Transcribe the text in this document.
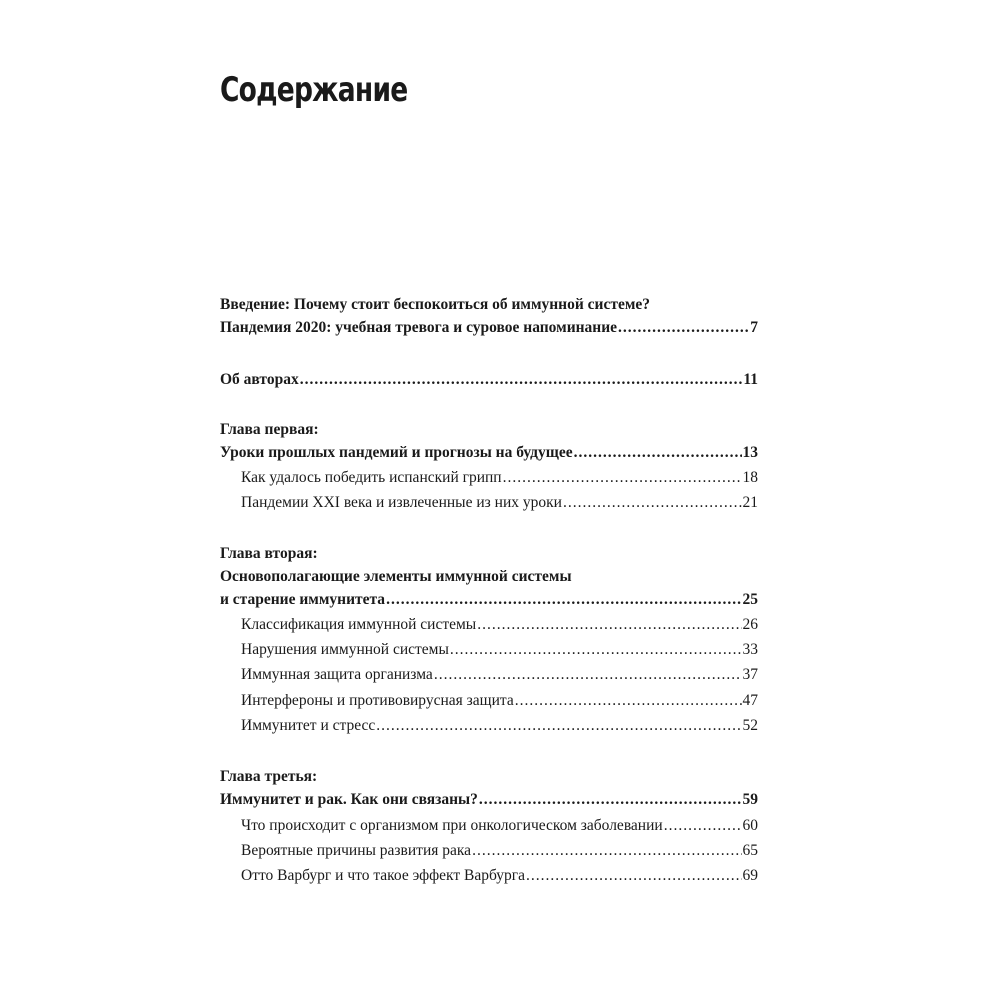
Содержание
Введение: Почему стоит беспокоиться об иммунной системе?
Пандемия 2020: учебная тревога и суровое напоминание .....	7
Об авторах .....	11
Глава первая:
Уроки прошлых пандемий и прогнозы на будущее .....	13
Как удалось победить испанский грипп .....	18
Пандемии XXI века и извлеченные из них уроки .....	21
Глава вторая:
Основополагающие элементы иммунной системы
и старение иммунитета .....	25
Классификация иммунной системы .....	26
Нарушения иммунной системы .....	33
Иммунная защита организма .....	37
Интерфероны и противовирусная защита .....	47
Иммунитет и стресс .....	52
Глава третья:
Иммунитет и рак. Как они связаны? .....	59
Что происходит с организмом при онкологическом заболевании .....	60
Вероятные причины развития рака .....	65
Отто Варбург и что такое эффект Варбурга .....	69
